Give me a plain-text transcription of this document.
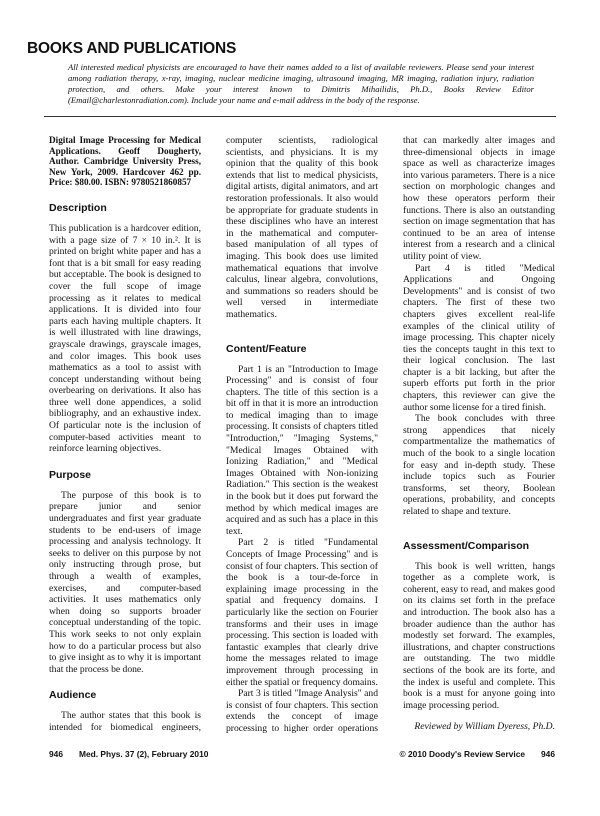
BOOKS AND PUBLICATIONS
All interested medical physicists are encouraged to have their names added to a list of available reviewers. Please send your interest among radiation therapy, x-ray, imaging, nuclear medicine imaging, ultrasound imaging, MR imaging, radiation injury, radiation protection, and others. Make your interest known to Dimitris Mihailidis, Ph.D., Books Review Editor (Email@charlestonradiation.com). Include your name and e-mail address in the body of the response.

Digital Image Processing for Medical Applications. Geoff Dougherty, Author. Cambridge University Press, New York, 2009. Hardcover 462 pp. Price: $80.00. ISBN: 9780521860857

Description

This publication is a hardcover edition, with a page size of 7 × 10 in.². It is printed on bright white paper and has a font that is a bit small for easy reading but acceptable. The book is designed to cover the full scope of image processing as it relates to medical applications. It is divided into four parts each having multiple chapters. It is well illustrated with line drawings, grayscale drawings, grayscale images, and color images. This book uses mathematics as a tool to assist with concept understanding without being overbearing on derivations. It also has three well done appendices, a solid bibliography, and an exhaustive index. Of particular note is the inclusion of computer-based activities meant to reinforce learning objectives.

Purpose

The purpose of this book is to prepare junior and senior undergraduates and first year graduate students to be end-users of image processing and analysis technology. It seeks to deliver on this purpose by not only instructing through prose, but through a wealth of examples, exercises, and computer-based activities. It uses mathematics only when doing so supports broader conceptual understanding of the topic. This work seeks to not only explain how to do a particular process but also to give insight as to why it is important that the process be done.

Audience

The author states that this book is intended for biomedical engineers, computer scientists, radiological scientists, and physicians. It is my opinion that the quality of this book extends that list to medical physicists, digital artists, digital animators, and art restoration professionals. It also would be appropriate for graduate students in these disciplines who have an interest in the mathematical and computer-based manipulation of all types of imaging. This book does use limited mathematical equations that involve calculus, linear algebra, convolutions, and summations so readers should be well versed in intermediate mathematics.

Content/Feature

Part 1 is an "Introduction to Image Processing" and is consist of four chapters. The title of this section is a bit off in that it is more an introduction to medical imaging than to image processing. It consists of chapters titled "Introduction," "Imaging Systems," "Medical Images Obtained with Ionizing Radiation," and "Medical Images Obtained with Non-ionizing Radiation." This section is the weakest in the book but it does put forward the method by which medical images are acquired and as such has a place in this text.

Part 2 is titled "Fundamental Concepts of Image Processing" and is consist of four chapters. This section of the book is a tour-de-force in explaining image processing in the spatial and frequency domains. I particularly like the section on Fourier transforms and their uses in image processing. This section is loaded with fantastic examples that clearly drive home the messages related to image improvement through processing in either the spatial or frequency domains.

Part 3 is titled "Image Analysis" and is consist of four chapters. This section extends the concept of image processing to higher order operations that can markedly alter images and three-dimensional objects in image space as well as characterize images into various parameters. There is a nice section on morphologic changes and how these operators perform their functions. There is also an outstanding section on image segmentation that has continued to be an area of intense interest from a research and a clinical utility point of view.

Part 4 is titled "Medical Applications and Ongoing Developments" and is consist of two chapters. The first of these two chapters gives excellent real-life examples of the clinical utility of image processing. This chapter nicely ties the concepts taught in this text to their logical conclusion. The last chapter is a bit lacking, but after the superb efforts put forth in the prior chapters, this reviewer can give the author some license for a tired finish.

The book concludes with three strong appendices that nicely compartmentalize the mathematics of much of the book to a single location for easy and in-depth study. These include topics such as Fourier transforms, set theory, Boolean operations, probability, and concepts related to shape and texture.

Assessment/Comparison

This book is well written, hangs together as a complete work, is coherent, easy to read, and makes good on its claims set forth in the preface and introduction. The book also has a broader audience than the author has modestly set forward. The examples, illustrations, and chapter constructions are outstanding. The two middle sections of the book are its forte, and the index is useful and complete. This book is a must for anyone going into image processing period.

Reviewed by William Dyeress, Ph.D.
946 Med. Phys. 37 (2), February 2010	© 2010 Doody's Review Service 946
